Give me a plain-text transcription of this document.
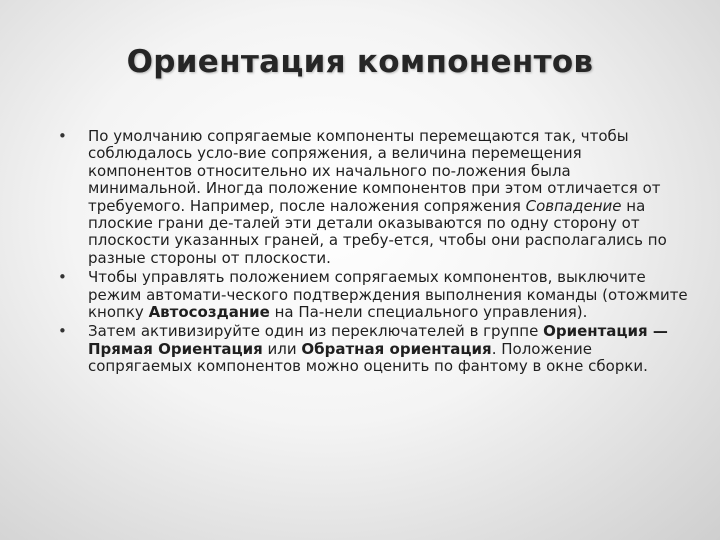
Ориентация компонентов
• По умолчанию сопрягаемые компоненты перемещаются так, чтобы соблюдалось усло-вие сопряжения, а величина перемещения компонентов относительно их начального по-ложения была минимальной. Иногда положение компонентов при этом отличается от требуемого. Например, после наложения сопряжения Совпадение на плоские грани де-талей эти детали оказываются по одну сторону от плоскости указанных граней, а требу-ется, чтобы они располагались по разные стороны от плоскости.
• Чтобы управлять положением сопрягаемых компонентов, выключите режим автомати-ческого подтверждения выполнения команды (отожмите кнопку Автосоздание на Па-нели специального управления).
• Затем активизируйте один из переключателей в группе Ориентация — Прямая Ориентация или Обратная ориентация. Положение сопрягаемых компонентов можно оценить по фантому в окне сборки.
